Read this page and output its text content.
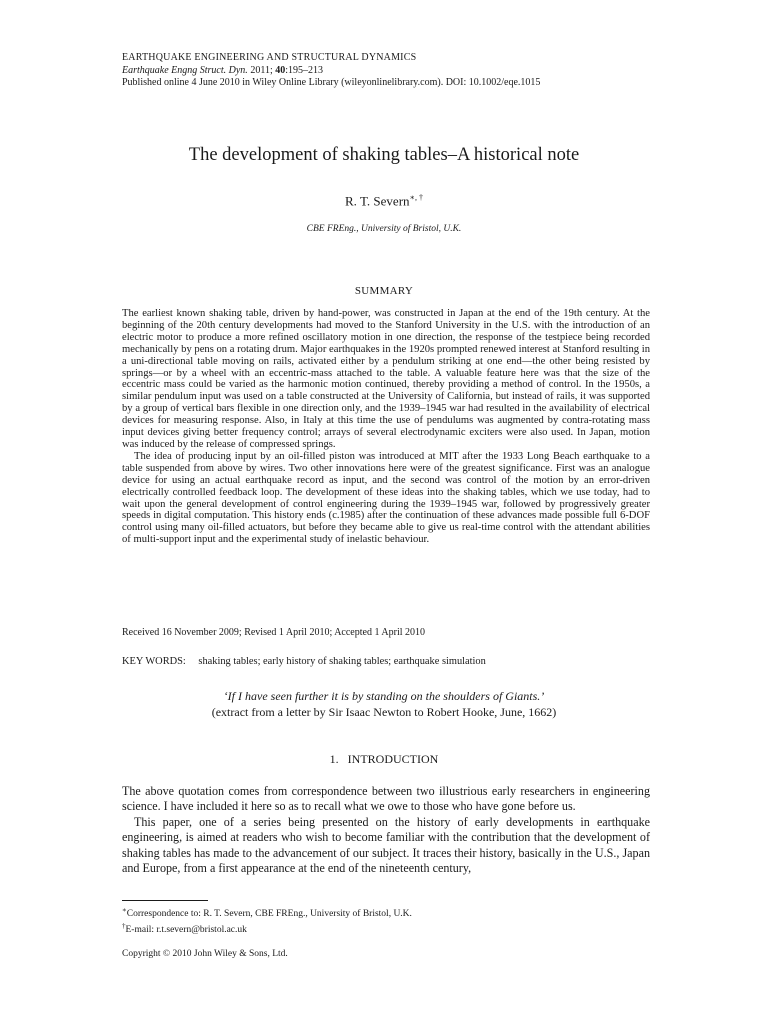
EARTHQUAKE ENGINEERING AND STRUCTURAL DYNAMICS
Earthquake Engng Struct. Dyn. 2011; 40:195–213
Published online 4 June 2010 in Wiley Online Library (wileyonlinelibrary.com). DOI: 10.1002/eqe.1015
The development of shaking tables–A historical note
R. T. Severn∗, †
CBE FREng., University of Bristol, U.K.
SUMMARY

The earliest known shaking table, driven by hand-power, was constructed in Japan at the end of the 19th century. At the beginning of the 20th century developments had moved to the Stanford University in the U.S. with the introduction of an electric motor to produce a more refined oscillatory motion in one direction, the response of the testpiece being recorded mechanically by pens on a rotating drum. Major earthquakes in the 1920s prompted renewed interest at Stanford resulting in a uni-directional table moving on rails, activated either by a pendulum striking at one end—the other being resisted by springs—or by a wheel with an eccentric-mass attached to the table. A valuable feature here was that the size of the eccentric mass could be varied as the harmonic motion continued, thereby providing a method of control. In the 1950s, a similar pendulum input was used on a table constructed at the University of California, but instead of rails, it was supported by a group of vertical bars flexible in one direction only, and the 1939–1945 war had resulted in the availability of electrical devices for measuring response. Also, in Italy at this time the use of pendulums was augmented by contra-rotating mass input devices giving better frequency control; arrays of several electrodynamic exciters were also used. In Japan, motion was induced by the release of compressed springs.

The idea of producing input by an oil-filled piston was introduced at MIT after the 1933 Long Beach earthquake to a table suspended from above by wires. Two other innovations here were of the greatest significance. First was an analogue device for using an actual earthquake record as input, and the second was control of the motion by an error-driven electrically controlled feedback loop. The development of these ideas into the shaking tables, which we use today, had to wait upon the general development of control engineering during the 1939–1945 war, followed by progressively greater speeds in digital computation. This history ends (c.1985) after the continuation of these advances made possible full 6-DOF control using many oil-filled actuators, but before they became able to give us real-time control with the attendant abilities of multi-support input and the experimental study of inelastic behaviour.

Received 16 November 2009; Revised 1 April 2010; Accepted 1 April 2010
KEY WORDS: shaking tables; early history of shaking tables; earthquake simulation
‘If I have seen further it is by standing on the shoulders of Giants.’
(extract from a letter by Sir Isaac Newton to Robert Hooke, June, 1662)
1. INTRODUCTION

The above quotation comes from correspondence between two illustrious early researchers in engineering science. I have included it here so as to recall what we owe to those who have gone before us.

This paper, one of a series being presented on the history of early developments in earthquake engineering, is aimed at readers who wish to become familiar with the contribution that the development of shaking tables has made to the advancement of our subject. It traces their history, basically in the U.S., Japan and Europe, from a first appearance at the end of the nineteenth century,

∗Correspondence to: R. T. Severn, CBE FREng., University of Bristol, U.K.
†E-mail: r.t.severn@bristol.ac.uk
Copyright © 2010 John Wiley & Sons, Ltd.
